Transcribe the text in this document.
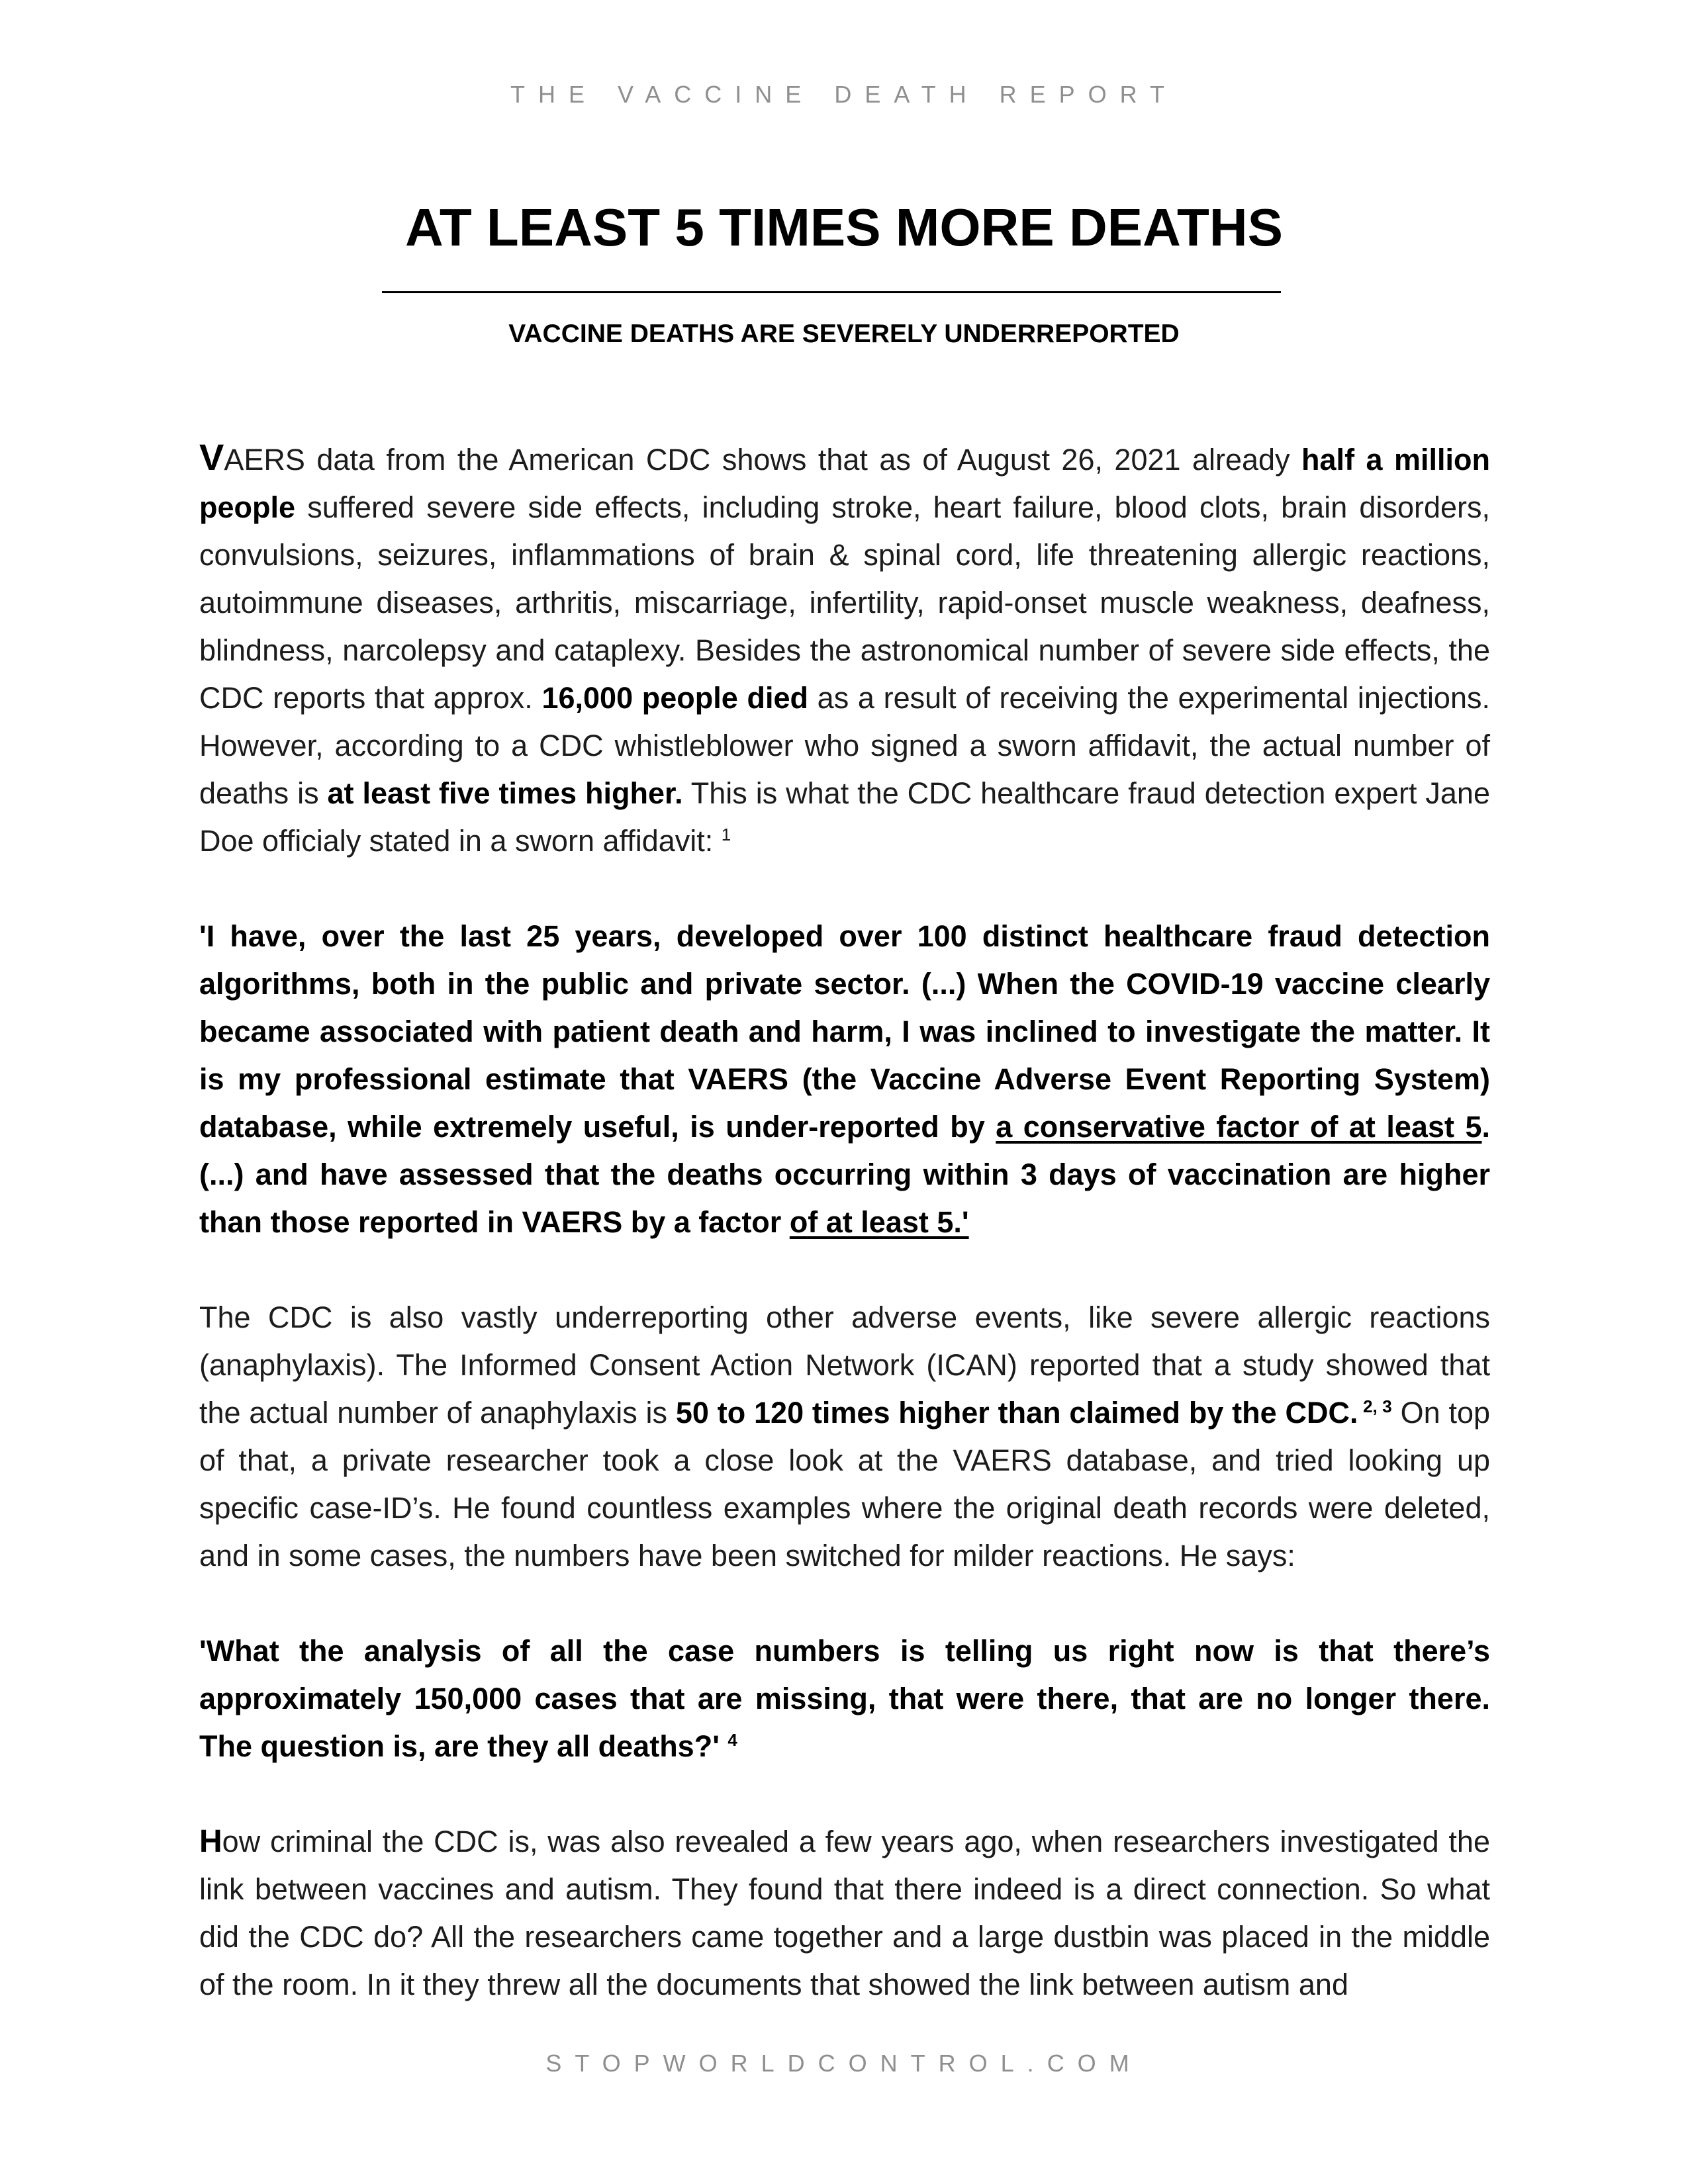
THE VACCINE DEATH REPORT
AT LEAST 5 TIMES MORE DEATHS
VACCINE DEATHS ARE SEVERELY UNDERREPORTED

VAERS data from the American CDC shows that as of August 26, 2021 already half a million people suffered severe side effects, including stroke, heart failure, blood clots, brain disorders, convulsions, seizures, inflammations of brain & spinal cord, life threatening allergic reactions, autoimmune diseases, arthritis, miscarriage, infertility, rapid-onset muscle weakness, deafness, blindness, narcolepsy and cataplexy. Besides the astronomical number of severe side effects, the CDC reports that approx. 16,000 people died as a result of receiving the experimental injections. However, according to a CDC whistleblower who signed a sworn affidavit, the actual number of deaths is at least five times higher. This is what the CDC healthcare fraud detection expert Jane Doe officialy stated in a sworn affidavit: $^1$

'I have, over the last 25 years, developed over 100 distinct healthcare fraud detection algorithms, both in the public and private sector. (...) When the COVID-19 vaccine clearly became associated with patient death and harm, I was inclined to investigate the matter. It is my professional estimate that VAERS (the Vaccine Adverse Event Reporting System) database, while extremely useful, is under-reported by a conservative factor of at least 5. (...) and have assessed that the deaths occurring within 3 days of vaccination are higher than those reported in VAERS by a factor of at least 5.'

The CDC is also vastly underreporting other adverse events, like severe allergic reactions (anaphylaxis). The Informed Consent Action Network (ICAN) reported that a study showed that the actual number of anaphylaxis is 50 to 120 times higher than claimed by the CDC. $^{2, 3}$ On top of that, a private researcher took a close look at the VAERS database, and tried looking up specific case-ID’s. He found countless examples where the original death records were deleted, and in some cases, the numbers have been switched for milder reactions. He says:

'What the analysis of all the case numbers is telling us right now is that there’s approximately 150,000 cases that are missing, that were there, that are no longer there. The question is, are they all deaths?' $^4$

How criminal the CDC is, was also revealed a few years ago, when researchers investigated the link between vaccines and autism. They found that there indeed is a direct connection. So what did the CDC do? All the researchers came together and a large dustbin was placed in the middle of the room. In it they threw all the documents that showed the link between autism and

STOPWORLDCONTROL.COM
